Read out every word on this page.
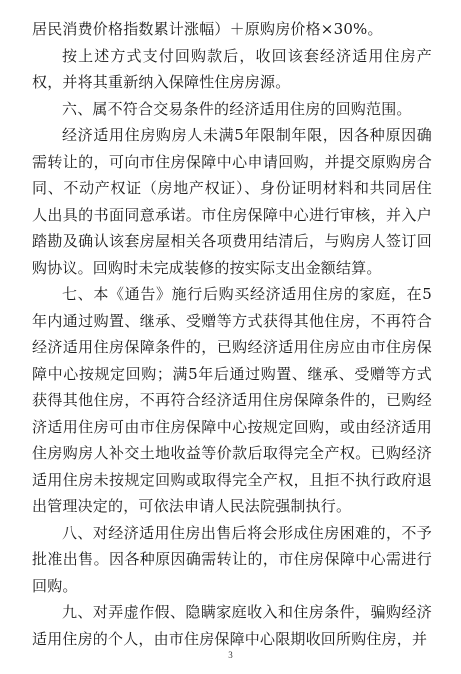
居民消费价格指数累计涨幅）＋原购房价格×30%。

按上述方式支付回购款后，收回该套经济适用住房产权，并将其重新纳入保障性住房房源。

六、属不符合交易条件的经济适用住房的回购范围。

经济适用住房购房人未满5年限制年限，因各种原因确需转让的，可向市住房保障中心申请回购，并提交原购房合同、不动产权证（房地产权证）、身份证明材料和共同居住人出具的书面同意承诺。市住房保障中心进行审核，并入户踏勘及确认该套房屋相关各项费用结清后，与购房人签订回购协议。回购时未完成装修的按实际支出金额结算。

七、本《通告》施行后购买经济适用住房的家庭，在5年内通过购置、继承、受赠等方式获得其他住房，不再符合经济适用住房保障条件的，已购经济适用住房应由市住房保障中心按规定回购；满5年后通过购置、继承、受赠等方式获得其他住房，不再符合经济适用住房保障条件的，已购经济适用住房可由市住房保障中心按规定回购，或由经济适用住房购房人补交土地收益等价款后取得完全产权。已购经济适用住房未按规定回购或取得完全产权，且拒不执行政府退出管理决定的，可依法申请人民法院强制执行。

八、对经济适用住房出售后将会形成住房困难的，不予批准出售。因各种原因确需转让的，市住房保障中心需进行回购。

九、对弄虚作假、隐瞒家庭收入和住房条件，骗购经济适用住房的个人，由市住房保障中心限期收回所购住房，并

3
